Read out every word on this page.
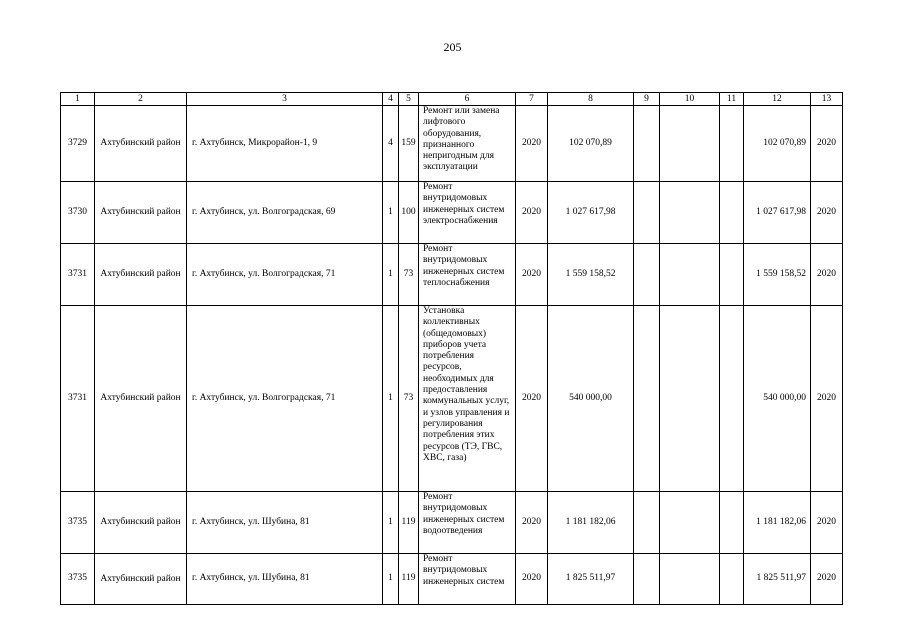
205
1	2	3	4	5	6	7	8	9	10	11	12	13
3729	Ахтубинский район	г. Ахтубинск, Микрорайон-1, 9	4	159	Ремонт или замена лифтового оборудования, признанного непригодным для эксплуатации	2020	102 070,89				102 070,89	2020
3730	Ахтубинский район	г. Ахтубинск, ул. Волгоградская, 69	1	100	Ремонт внутридомовых инженерных систем электроснабжения	2020	1 027 617,98				1 027 617,98	2020
3731	Ахтубинский район	г. Ахтубинск, ул. Волгоградская, 71	1	73	Ремонт внутридомовых инженерных систем теплоснабжения	2020	1 559 158,52				1 559 158,52	2020
3731	Ахтубинский район	г. Ахтубинск, ул. Волгоградская, 71	1	73	Установка коллективных (общедомовых) приборов учета потребления ресурсов, необходимых для предоставления коммунальных услуг, и узлов управления и регулирования потребления этих ресурсов (ТЭ, ГВС, ХВС, газа)	2020	540 000,00				540 000,00	2020
3735	Ахтубинский район	г. Ахтубинск, ул. Шубина, 81	1	119	Ремонт внутридомовых инженерных систем водоотведения	2020	1 181 182,06				1 181 182,06	2020
3735	Ахтубинский район	г. Ахтубинск, ул. Шубина, 81	1	119	Ремонт внутридомовых инженерных систем	2020	1 825 511,97				1 825 511,97	2020
